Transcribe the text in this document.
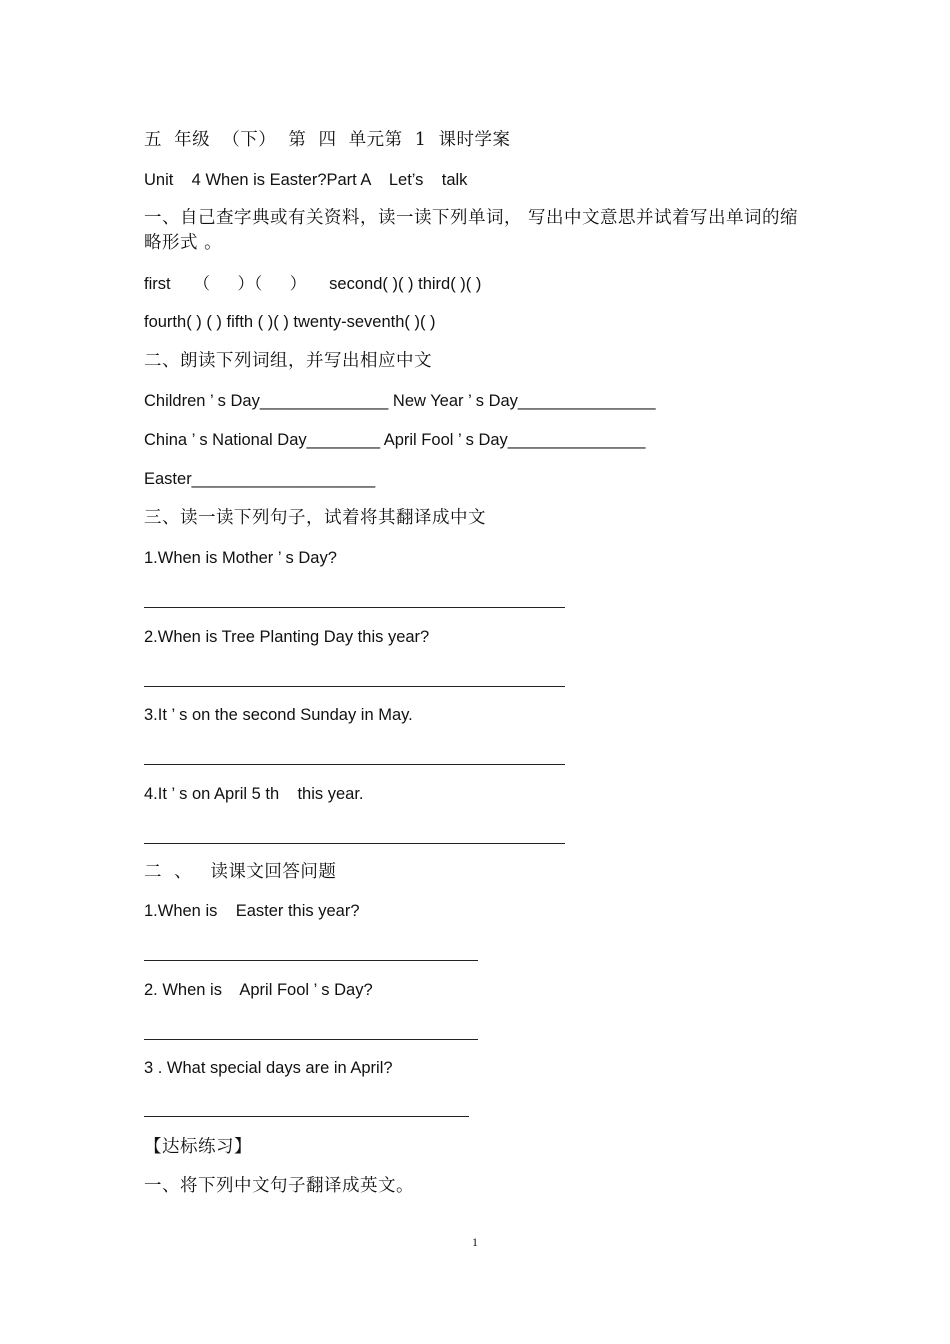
五  年级  （下）  第  四  单元第  1  课时学案
Unit    4 When is Easter?Part A    Let’s    talk
一、自己查字典或有关资料，读一读下列单词， 写出中文意思并试着写出单词的缩略形式 。
first     （      ）（      ）     second( )( ) third( )( )
fourth( ) ( ) fifth ( )( ) twenty-seventh( )( )
二、朗读下列词组，并写出相应中文
Children ’ s Day______________ New Year ’ s Day_______________
China ’ s National Day________ April Fool ’ s Day_______________
Easter____________________
三、读一读下列句子，试着将其翻译成中文
1.When is Mother ’ s Day?
2.When is Tree Planting Day this year?
3.It ’ s on the second Sunday in May.
4.It ’ s on April 5 th    this year.
二  、   读课文回答问题
1.When is    Easter this year?
2. When is    April Fool ’ s Day?
3 . What special days are in April?
【达标练习】
一、将下列中文句子翻译成英文。
1
